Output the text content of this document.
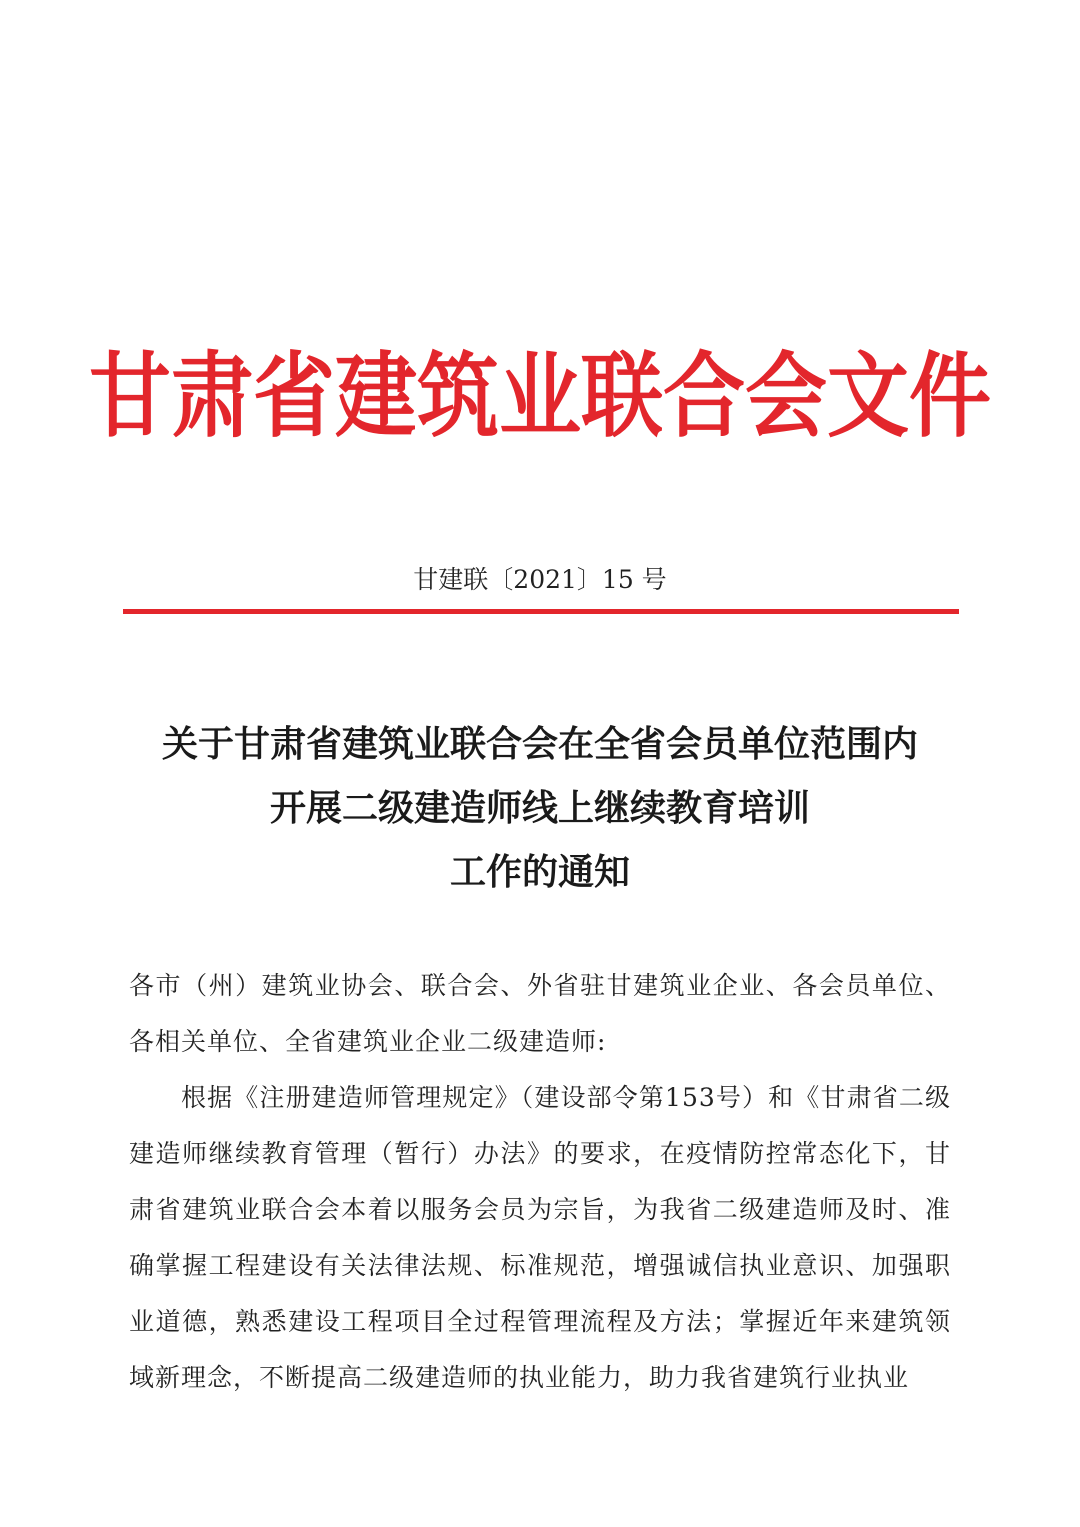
甘肃省建筑业联合会文件
甘建联〔2021〕15 号
关于甘肃省建筑业联合会在全省会员单位范围内
开展二级建造师线上继续教育培训
工作的通知

各市（州）建筑业协会、联合会、外省驻甘建筑业企业、各会员单位、各相关单位、全省建筑业企业二级建造师:

根据《注册建造师管理规定》（建设部令第153号）和《甘肃省二级建造师继续教育管理（暂行）办法》的要求，在疫情防控常态化下，甘肃省建筑业联合会本着以服务会员为宗旨，为我省二级建造师及时、准确掌握工程建设有关法律法规、标准规范，增强诚信执业意识、加强职业道德，熟悉建设工程项目全过程管理流程及方法；掌握近年来建筑领域新理念，不断提高二级建造师的执业能力，助力我省建筑行业执业
